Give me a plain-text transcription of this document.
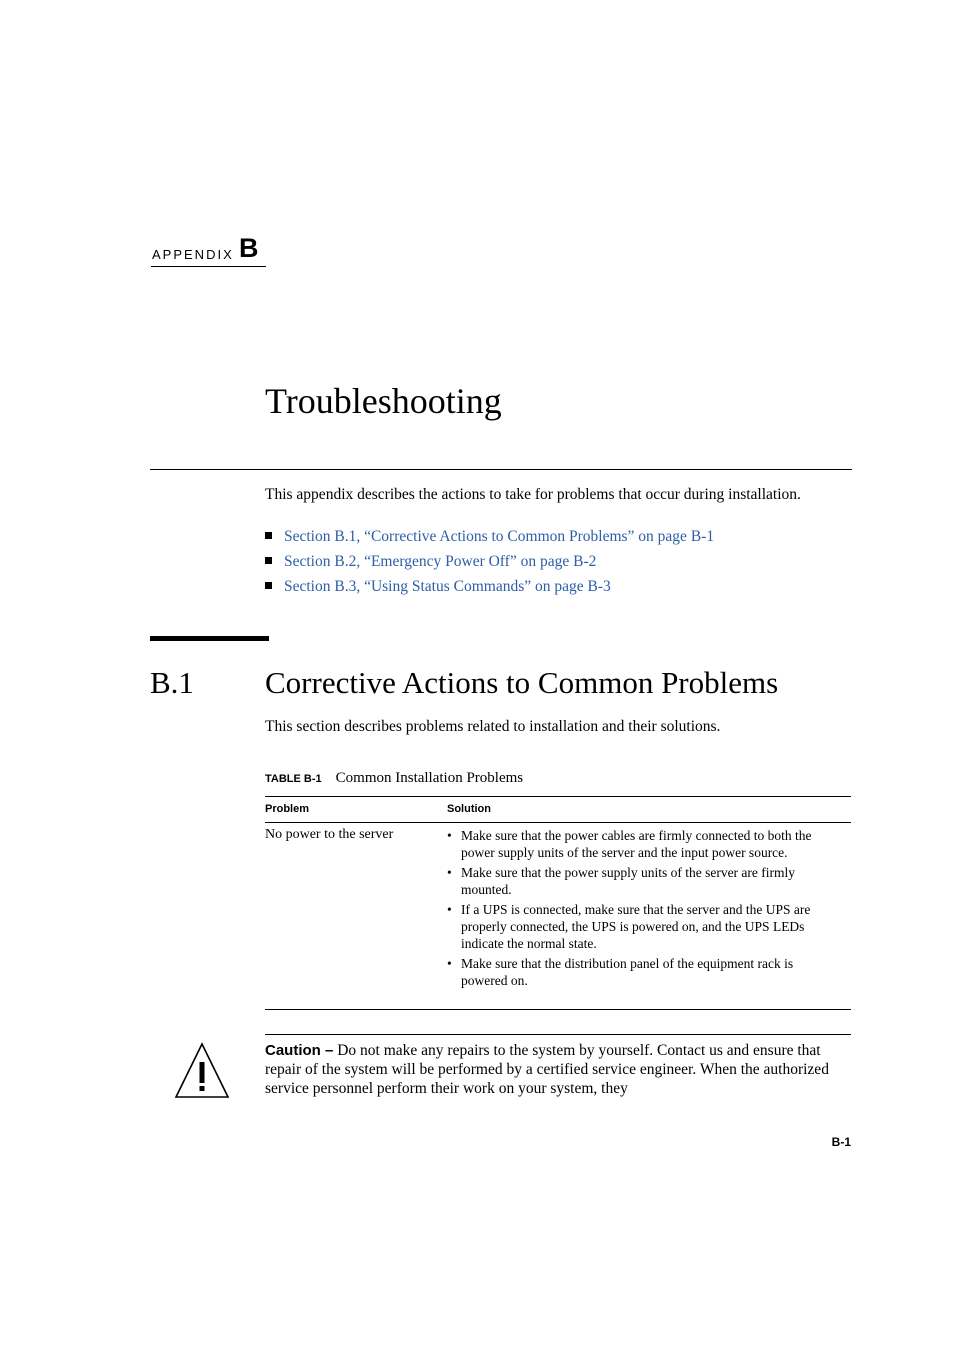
APPENDIX B
Troubleshooting
This appendix describes the actions to take for problems that occur during installation.
Section B.1, “Corrective Actions to Common Problems” on page B-1
Section B.2, “Emergency Power Off” on page B-2
Section B.3, “Using Status Commands” on page B-3
B.1 Corrective Actions to Common Problems
This section describes problems related to installation and their solutions.
TABLE B-1 Common Installation Problems
Problem	Solution
No power to the server	• Make sure that the power cables are firmly connected to both the power supply units of the server and the input power source.
• Make sure that the power supply units of the server are firmly mounted.
• If a UPS is connected, make sure that the server and the UPS are properly connected, the UPS is powered on, and the UPS LEDs indicate the normal state.
• Make sure that the distribution panel of the equipment rack is powered on.
Caution – Do not make any repairs to the system by yourself. Contact us and ensure that repair of the system will be performed by a certified service engineer. When the authorized service personnel perform their work on your system, they
B-1
